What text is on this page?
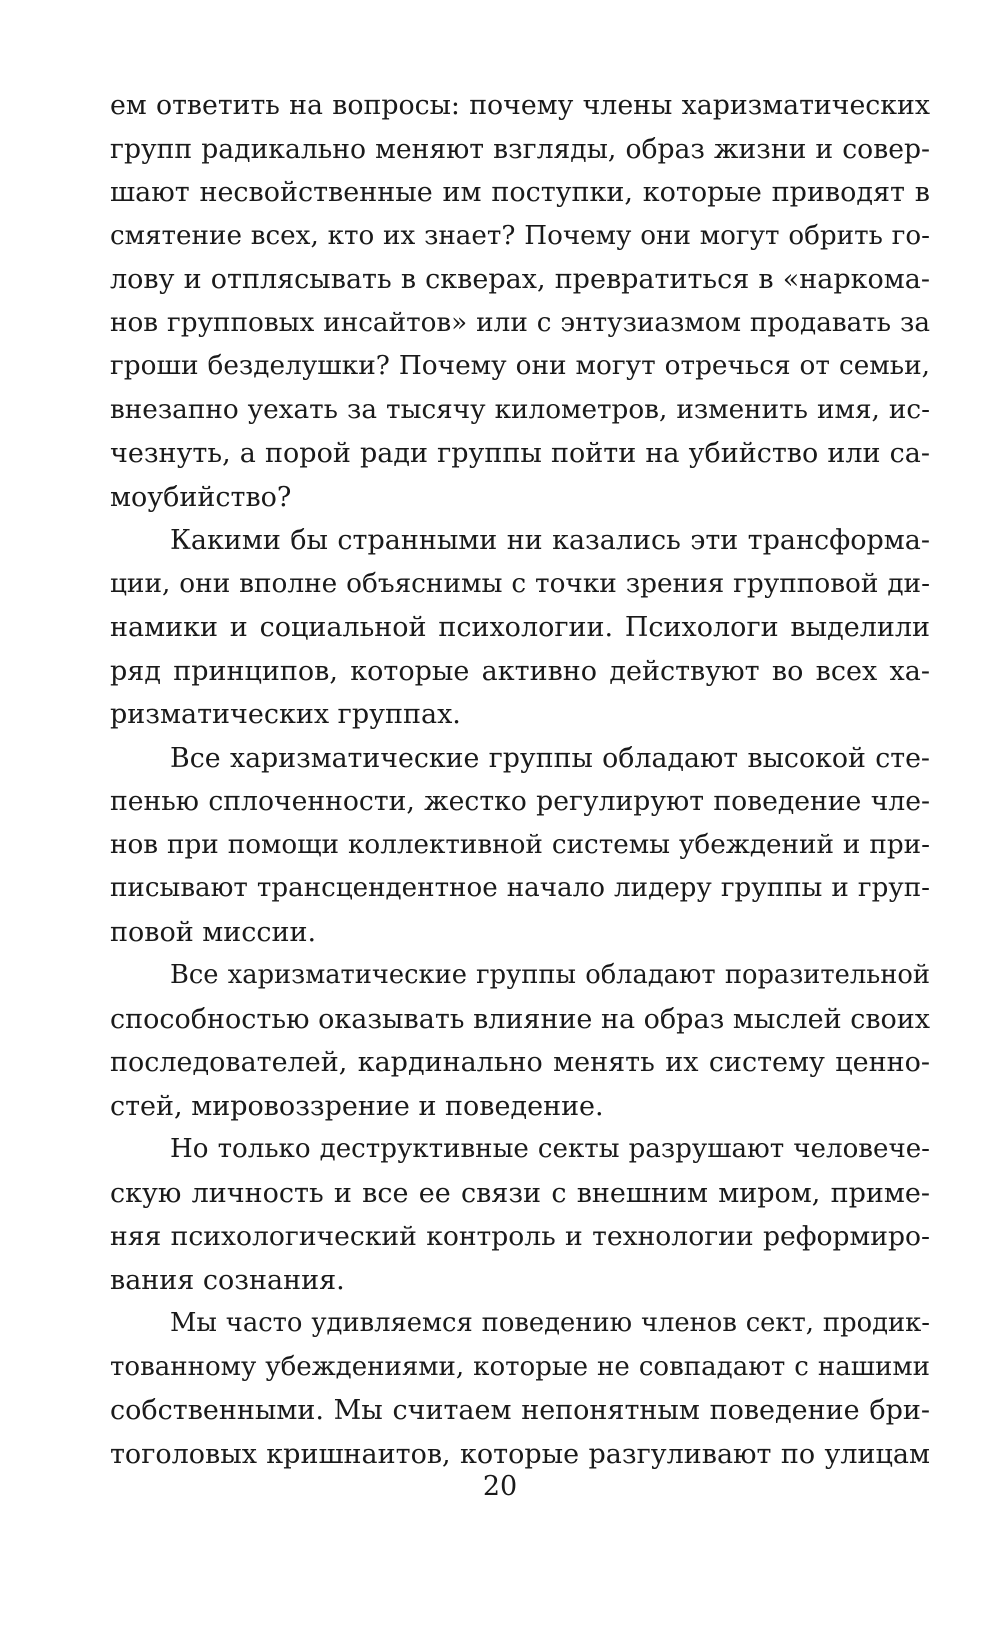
ем ответить на вопросы: почему члены харизматических
групп радикально меняют взгляды, образ жизни и совер-
шают несвойственные им поступки, которые приводят в
смятение всех, кто их знает? Почему они могут обрить го-
лову и отплясывать в скверах, превратиться в «наркома-
нов групповых инсайтов» или с энтузиазмом продавать за
гроши безделушки? Почему они могут отречься от семьи,
внезапно уехать за тысячу километров, изменить имя, ис-
чезнуть, а порой ради группы пойти на убийство или са-
моубийство?
Какими бы странными ни казались эти трансформа-
ции, они вполне объяснимы с точки зрения групповой ди-
намики и социальной психологии. Психологи выделили
ряд принципов, которые активно действуют во всех ха-
ризматических группах.
Все харизматические группы обладают высокой сте-
пенью сплоченности, жестко регулируют поведение чле-
нов при помощи коллективной системы убеждений и при-
писывают трансцендентное начало лидеру группы и груп-
повой миссии.
Все харизматические группы обладают поразительной
способностью оказывать влияние на образ мыслей своих
последователей, кардинально менять их систему ценно-
стей, мировоззрение и поведение.
Но только деструктивные секты разрушают человече-
скую личность и все ее связи с внешним миром, приме-
няя психологический контроль и технологии реформиро-
вания сознания.
Мы часто удивляемся поведению членов сект, продик-
тованному убеждениями, которые не совпадают с нашими
собственными. Мы считаем непонятным поведение бри-
тоголовых кришнаитов, которые разгуливают по улицам
20
